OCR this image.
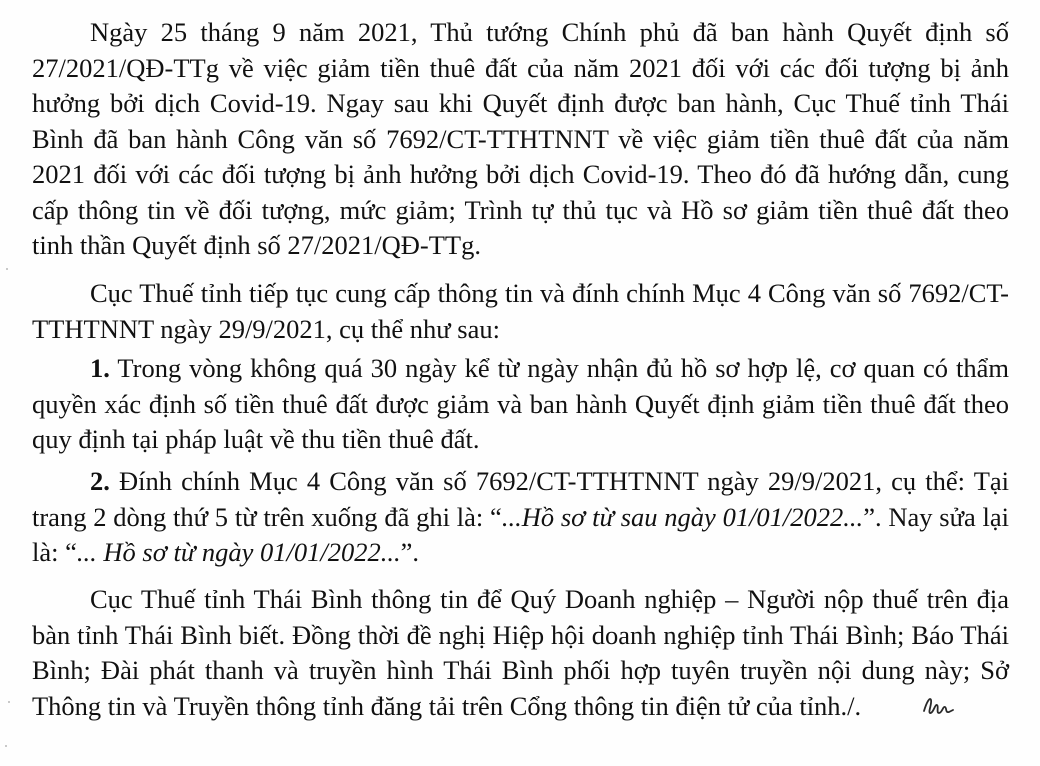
Ngày 25 tháng 9 năm 2021, Thủ tướng Chính phủ đã ban hành Quyết định số 27/2021/QĐ-TTg về việc giảm tiền thuê đất của năm 2021 đối với các đối tượng bị ảnh hưởng bởi dịch Covid-19. Ngay sau khi Quyết định được ban hành, Cục Thuế tỉnh Thái Bình đã ban hành Công văn số 7692/CT-TTHTNNT về việc giảm tiền thuê đất của năm 2021 đối với các đối tượng bị ảnh hưởng bởi dịch Covid-19. Theo đó đã hướng dẫn, cung cấp thông tin về đối tượng, mức giảm; Trình tự thủ tục và Hồ sơ giảm tiền thuê đất theo tinh thần Quyết định số 27/2021/QĐ-TTg.

Cục Thuế tỉnh tiếp tục cung cấp thông tin và đính chính Mục 4 Công văn số 7692/CT-TTHTNNT ngày 29/9/2021, cụ thể như sau:

1. Trong vòng không quá 30 ngày kể từ ngày nhận đủ hồ sơ hợp lệ, cơ quan có thẩm quyền xác định số tiền thuê đất được giảm và ban hành Quyết định giảm tiền thuê đất theo quy định tại pháp luật về thu tiền thuê đất.

2. Đính chính Mục 4 Công văn số 7692/CT-TTHTNNT ngày 29/9/2021, cụ thể: Tại trang 2 dòng thứ 5 từ trên xuống đã ghi là: “...Hồ sơ từ sau ngày 01/01/2022...”. Nay sửa lại là: “... Hồ sơ từ ngày 01/01/2022...”.

Cục Thuế tỉnh Thái Bình thông tin để Quý Doanh nghiệp – Người nộp thuế trên địa bàn tỉnh Thái Bình biết. Đồng thời đề nghị Hiệp hội doanh nghiệp tỉnh Thái Bình; Báo Thái Bình; Đài phát thanh và truyền hình Thái Bình phối hợp tuyên truyền nội dung này; Sở Thông tin và Truyền thông tỉnh đăng tải trên Cổng thông tin điện tử của tỉnh./.
